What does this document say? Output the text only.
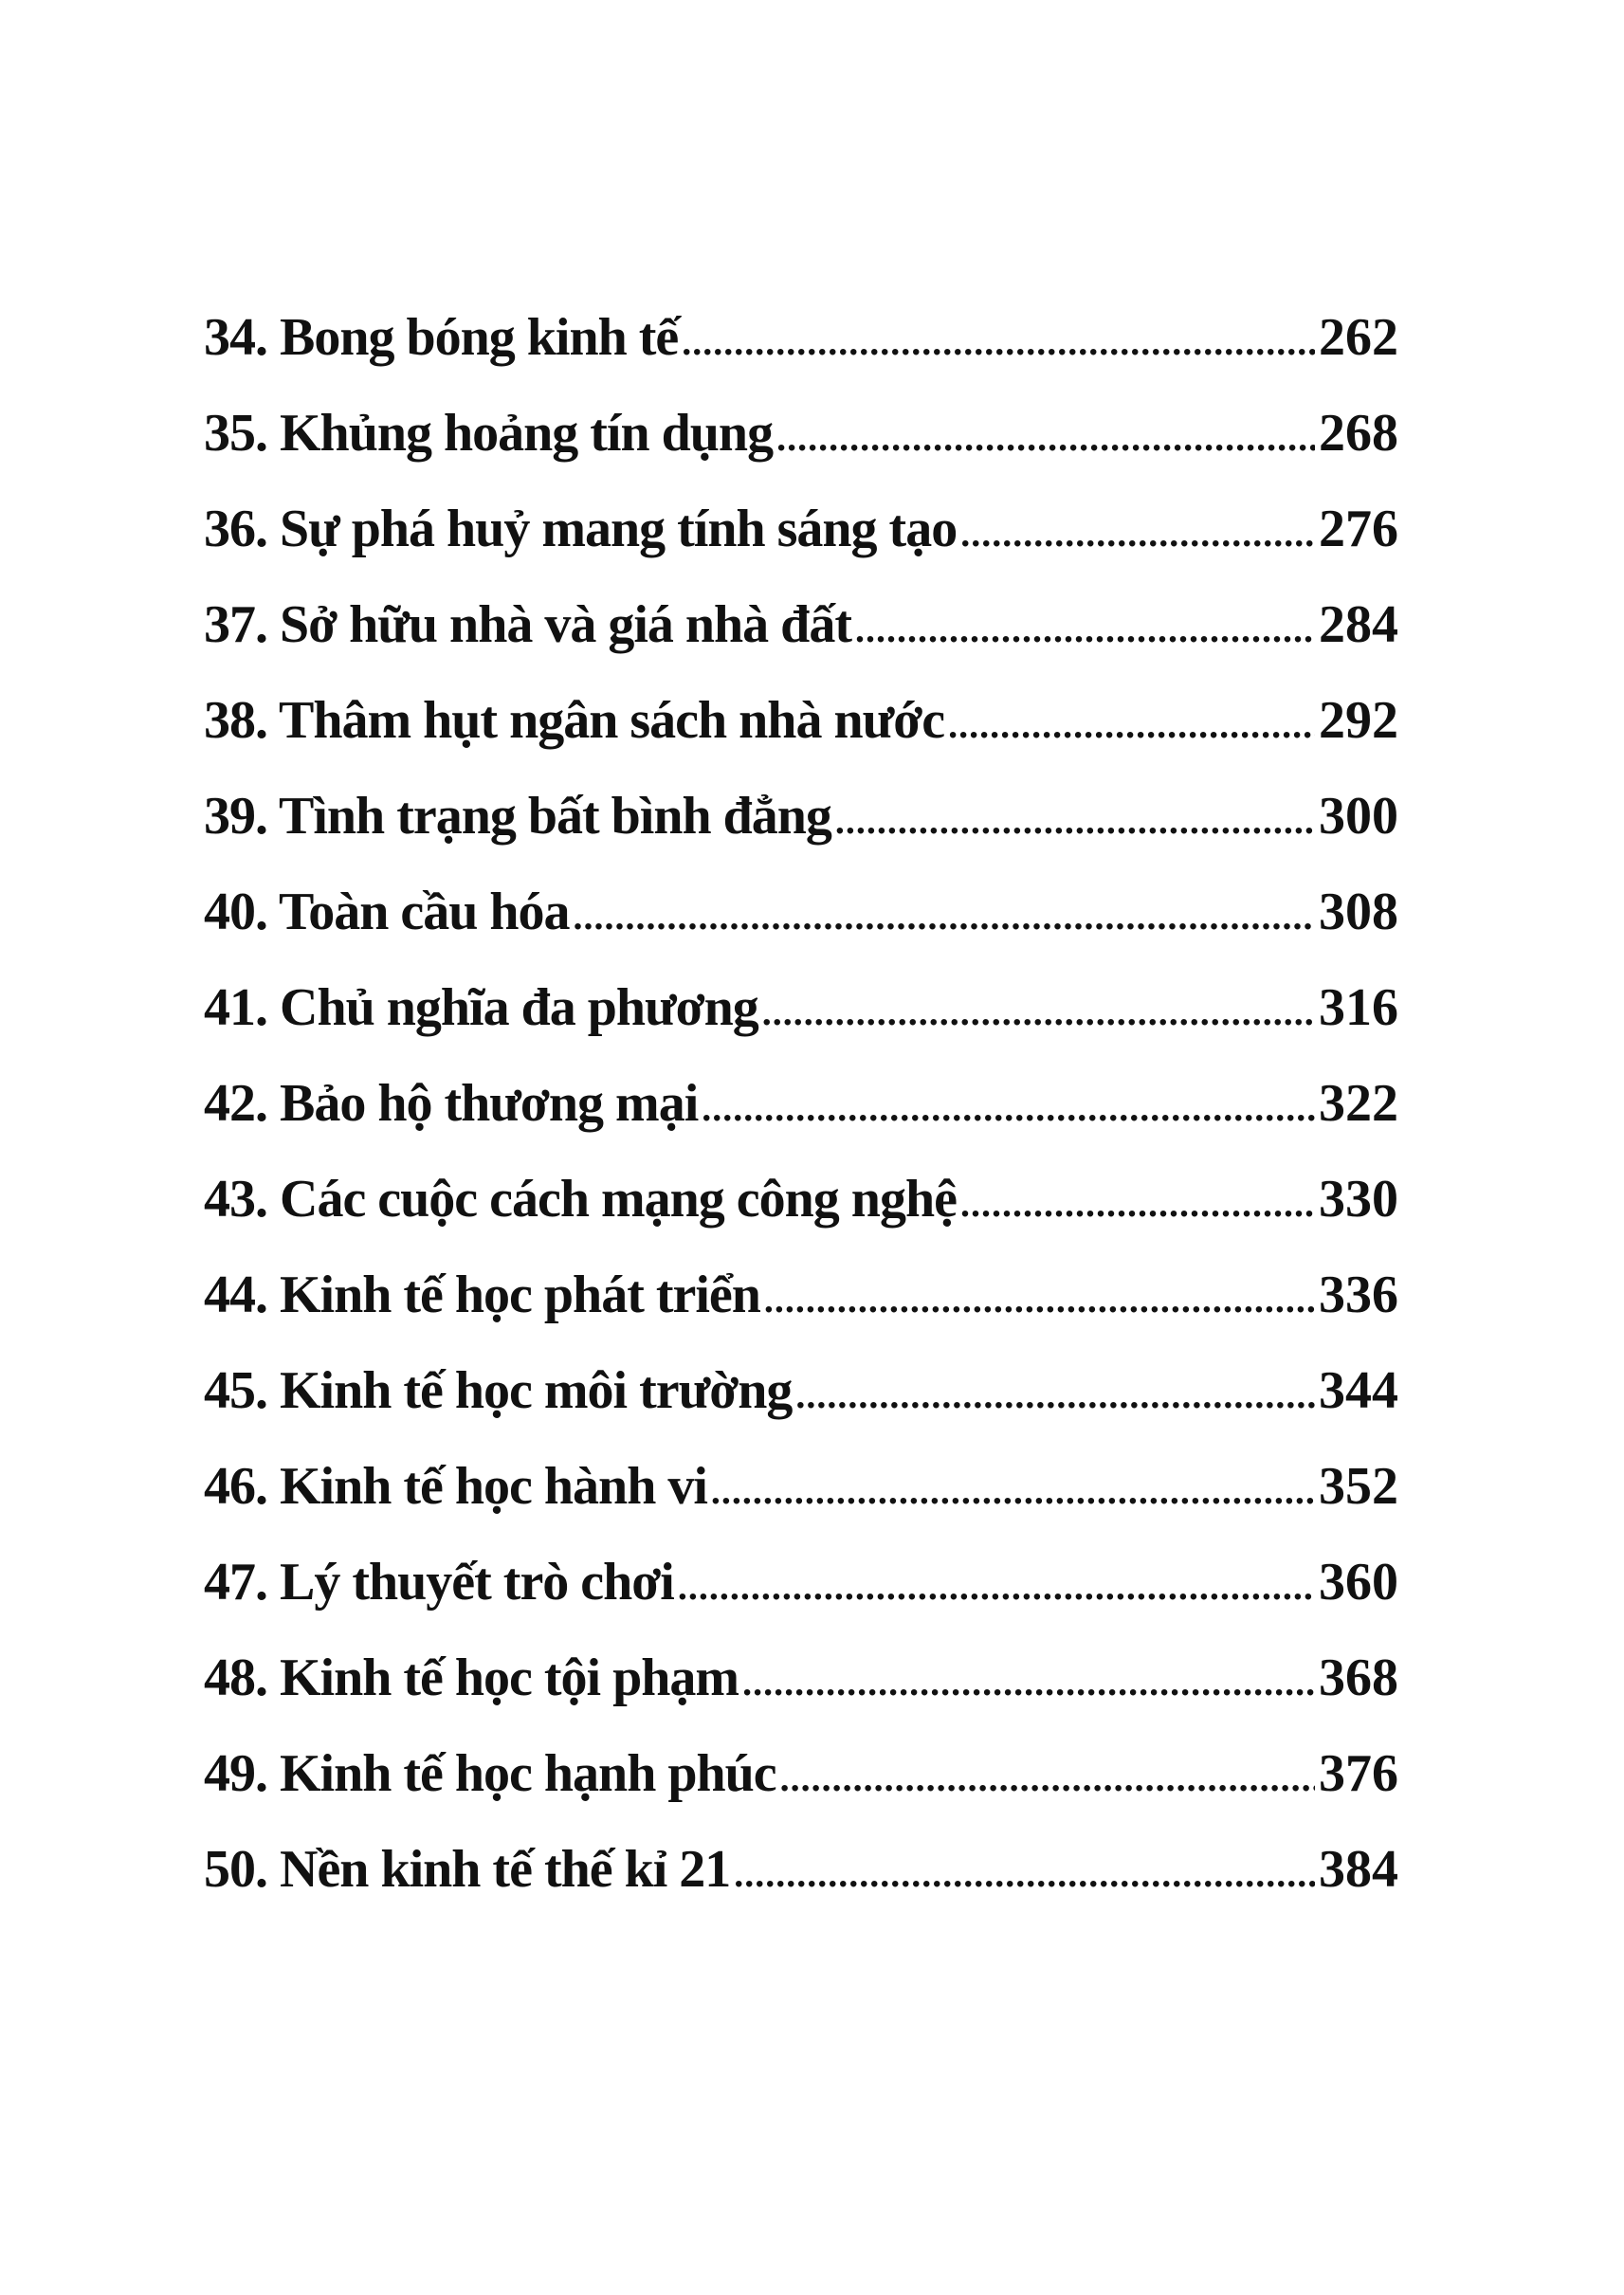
34. Bong bóng kinh tế .....	262
35. Khủng hoảng tín dụng .....	268
36. Sự phá huỷ mang tính sáng tạo .....	276
37. Sở hữu nhà và giá nhà đất .....	284
38. Thâm hụt ngân sách nhà nước .....	292
39. Tình trạng bất bình đẳng .....	300
40. Toàn cầu hóa .....	308
41. Chủ nghĩa đa phương .....	316
42. Bảo hộ thương mại .....	322
43. Các cuộc cách mạng công nghệ .....	330
44. Kinh tế học phát triển .....	336
45. Kinh tế học môi trường .....	344
46. Kinh tế học hành vi .....	352
47. Lý thuyết trò chơi .....	360
48. Kinh tế học tội phạm .....	368
49. Kinh tế học hạnh phúc .....	376
50. Nền kinh tế thế kỉ 21 .....	384
